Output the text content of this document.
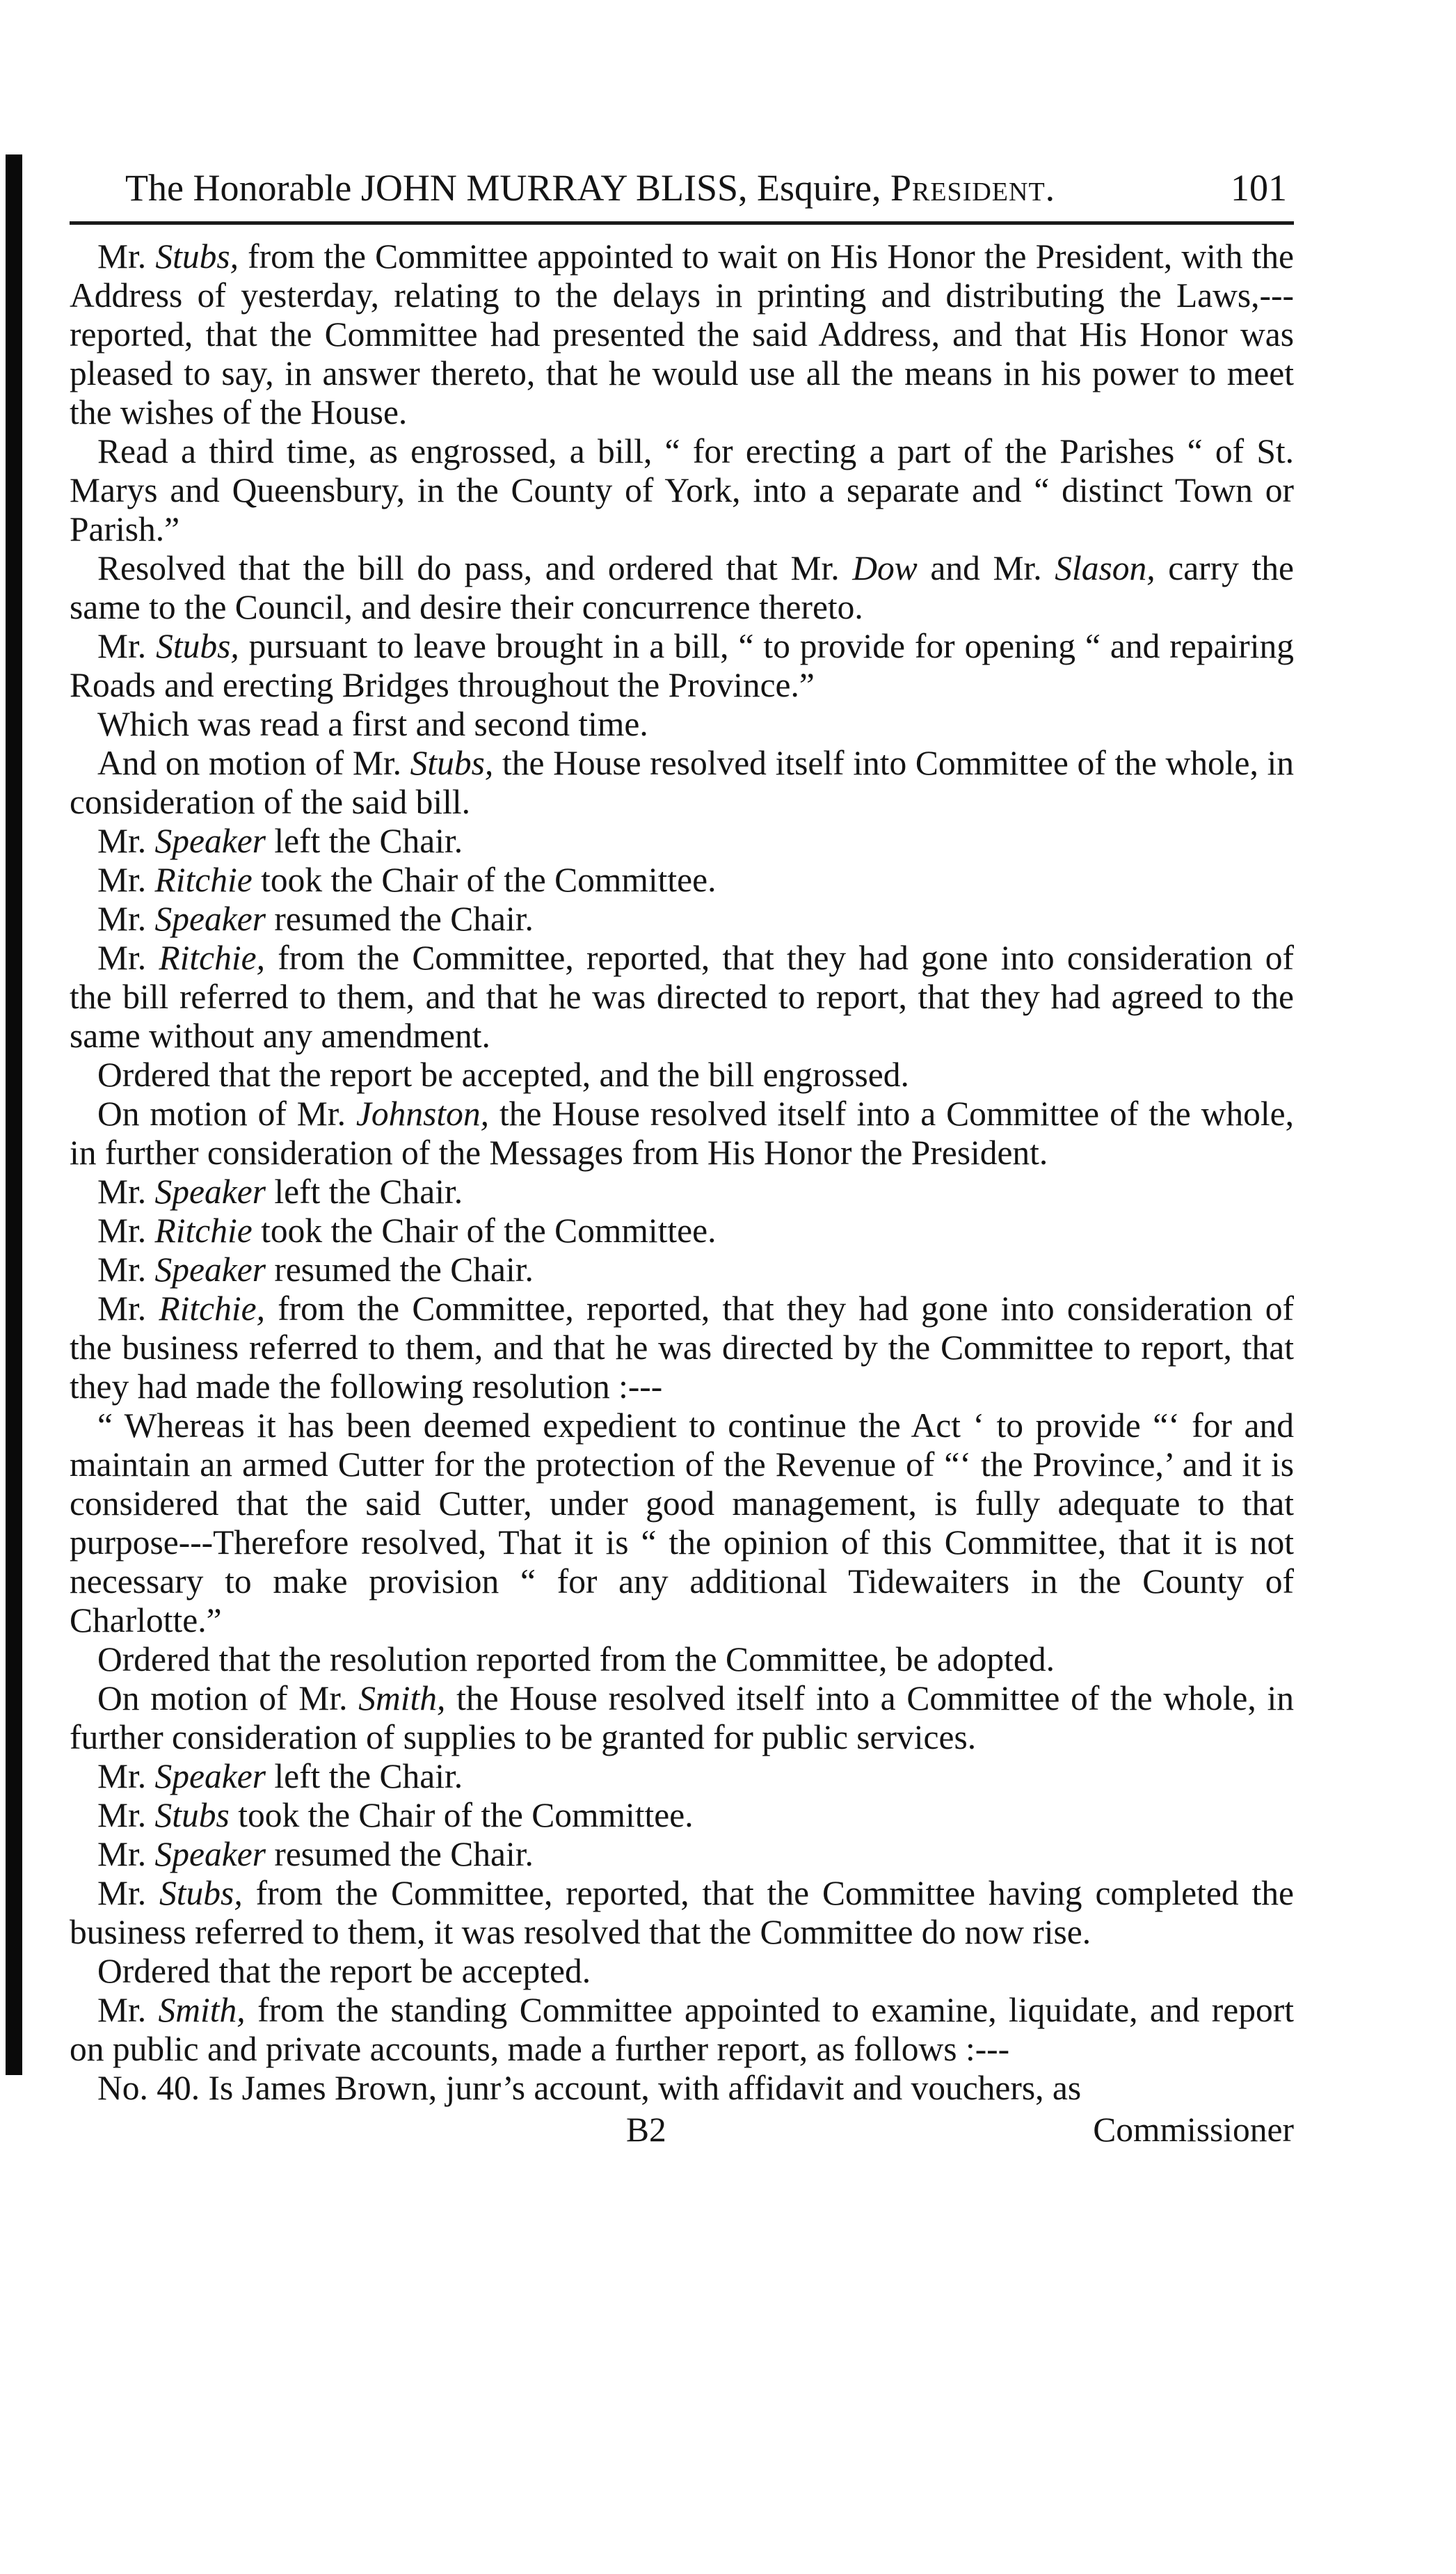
The Honorable JOHN MURRAY BLISS, Esquire, President.	101

Mr. Stubs, from the Committee appointed to wait on His Honor the President, with the Address of yesterday, relating to the delays in printing and distributing the Laws,---reported, that the Committee had presented the said Address, and that His Honor was pleased to say, in answer thereto, that he would use all the means in his power to meet the wishes of the House.

Read a third time, as engrossed, a bill, “ for erecting a part of the Parishes “ of St. Marys and Queensbury, in the County of York, into a separate and “ distinct Town or Parish.”

Resolved that the bill do pass, and ordered that Mr. Dow and Mr. Slason, carry the same to the Council, and desire their concurrence thereto.

Mr. Stubs, pursuant to leave brought in a bill, “ to provide for opening “ and repairing Roads and erecting Bridges throughout the Province.”

Which was read a first and second time.

And on motion of Mr. Stubs, the House resolved itself into Committee of the whole, in consideration of the said bill.

Mr. Speaker left the Chair.

Mr. Ritchie took the Chair of the Committee.

Mr. Speaker resumed the Chair.

Mr. Ritchie, from the Committee, reported, that they had gone into consideration of the bill referred to them, and that he was directed to report, that they had agreed to the same without any amendment.

Ordered that the report be accepted, and the bill engrossed.

On motion of Mr. Johnston, the House resolved itself into a Committee of the whole, in further consideration of the Messages from His Honor the President.

Mr. Speaker left the Chair.

Mr. Ritchie took the Chair of the Committee.

Mr. Speaker resumed the Chair.

Mr. Ritchie, from the Committee, reported, that they had gone into consideration of the business referred to them, and that he was directed by the Committee to report, that they had made the following resolution :---

“ Whereas it has been deemed expedient to continue the Act ‘ to provide “‘ for and maintain an armed Cutter for the protection of the Revenue of “‘ the Province,’ and it is considered that the said Cutter, under good management, is fully adequate to that purpose---Therefore resolved, That it is “ the opinion of this Committee, that it is not necessary to make provision “ for any additional Tidewaiters in the County of Charlotte.”

Ordered that the resolution reported from the Committee, be adopted.

On motion of Mr. Smith, the House resolved itself into a Committee of the whole, in further consideration of supplies to be granted for public services.

Mr. Speaker left the Chair.

Mr. Stubs took the Chair of the Committee.

Mr. Speaker resumed the Chair.

Mr. Stubs, from the Committee, reported, that the Committee having completed the business referred to them, it was resolved that the Committee do now rise.

Ordered that the report be accepted.

Mr. Smith, from the standing Committee appointed to examine, liquidate, and report on public and private accounts, made a further report, as follows :---

No. 40. Is James Brown, junr’s account, with affidavit and vouchers, as

B2	Commissioner
